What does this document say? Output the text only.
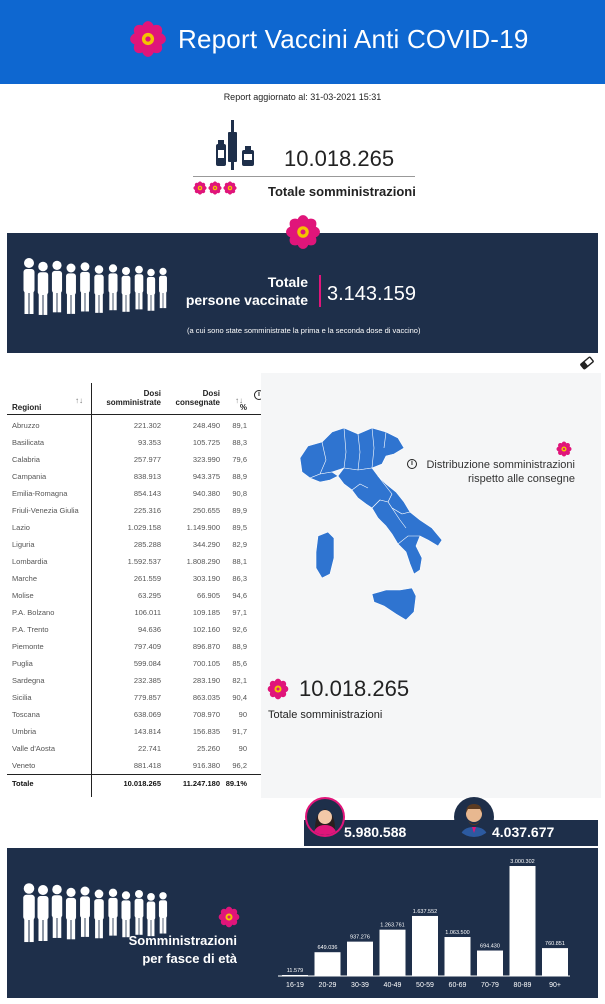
Report Vaccini Anti COVID-19
Report aggiornato al: 31-03-2021 15:31
10.018.265
Totale somministrazioni
Totale
persone vaccinate 3.143.159
(a cui sono state somministrate la prima e la seconda dose di vaccino)
Regioni
↑↓
Dosi
somministrate
Dosi
consegnate ↑↓
%
i
Abruzzo	221.302	248.490 89,1
Basilicata	93.353	105.725 88,3
Calabria	257.977	323.990 79,6
Campania	838.913	943.375 88,9
Emilia-Romagna	854.143	940.380 90,8
Friuli-Venezia Giulia	225.316	250.655 89,9
Lazio	1.029.158	1.149.900 89,5
Liguria	285.288	344.290 82,9
Lombardia	1.592.537	1.808.290 88,1
Marche	261.559	303.190 86,3
Molise	63.295	66.905 94,6
P.A. Bolzano	106.011	109.185 97,1
P.A. Trento	94.636	102.160 92,6
Piemonte	797.409	896.870 88,9
Puglia	599.084	700.105 85,6
Sardegna	232.385	283.190 82,1
Sicilia	779.857	863.035 90,4
Toscana	638.069	708.970 90
Umbria	143.814	156.835 91,7
Valle d'Aosta	22.741	25.260 90
Veneto	881.418	916.380 96,2
Totale	10.018.265	11.247.180 89.1%
i	Distribuzione somministrazioni rispetto alle consegne
10.018.265
Totale somministrazioni
5.980.588	4.037.677
Somministrazioni
per fasce di età
11.579
16-19
649.036
20-29
937.276
30-39
1.263.761
40-49
1.637.552
50-59
1.063.500
60-69
694.430
70-79
3.000.302
80-89
760.851
90+
